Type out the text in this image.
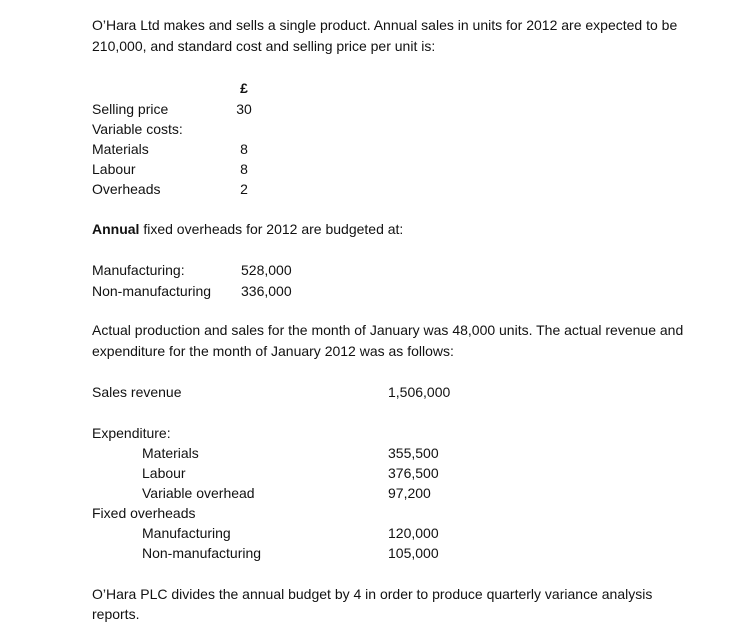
O’Hara Ltd makes and sells a single product. Annual sales in units for 2012 are expected to be
210,000, and standard cost and selling price per unit is:
£
Selling price	30
Variable costs:
Materials	8
Labour	8
Overheads	2
Annual fixed overheads for 2012 are budgeted at:
Manufacturing:	528,000
Non-manufacturing 336,000
Actual production and sales for the month of January was 48,000 units. The actual revenue and
expenditure for the month of January 2012 was as follows:
Sales revenue	1,506,000
Expenditure:
Materials	355,500
Labour	376,500
Variable overhead	97,200
Fixed overheads
Manufacturing	120,000
Non-manufacturing	105,000
O’Hara PLC divides the annual budget by 4 in order to produce quarterly variance analysis
reports.
